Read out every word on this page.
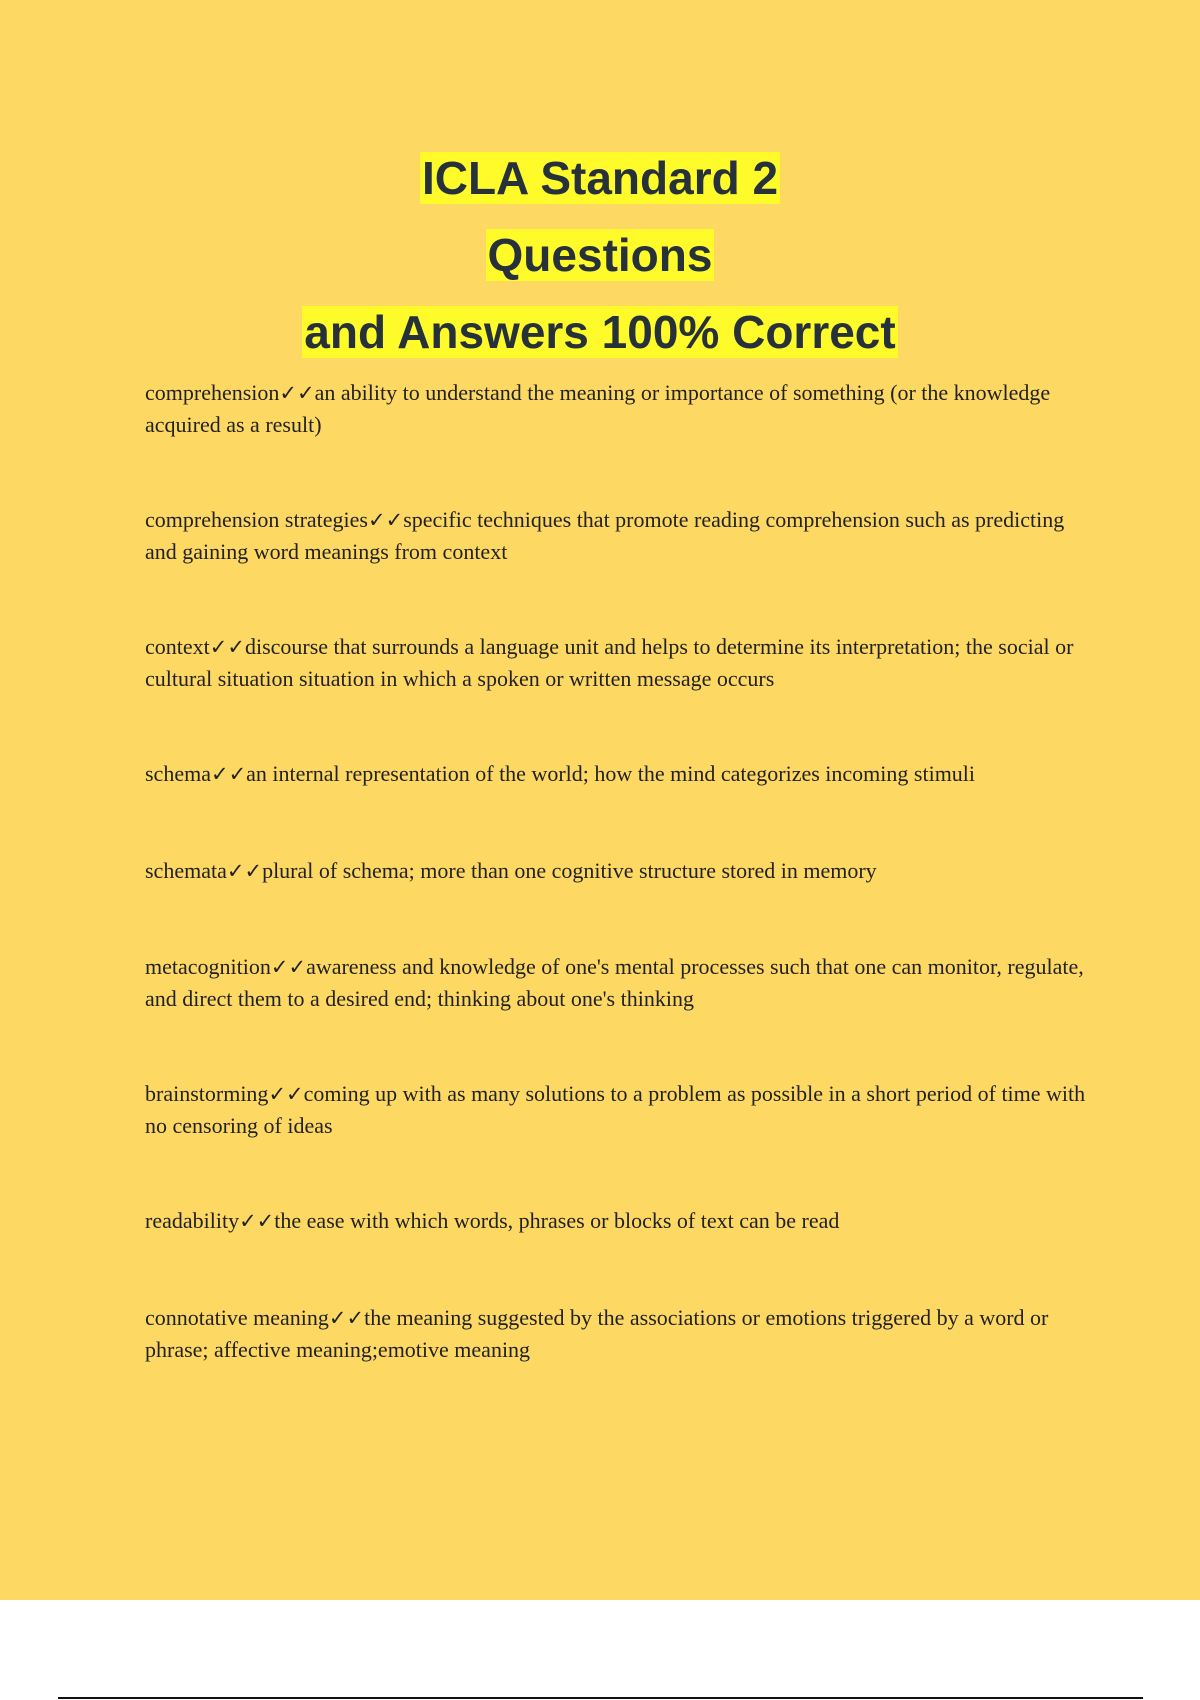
ICLA Standard 2
Questions
and Answers 100% Correct
comprehension✓✓an ability to understand the meaning or importance of something (or the knowledge acquired as a result)
comprehension strategies✓✓specific techniques that promote reading comprehension such as predicting and gaining word meanings from context
context✓✓discourse that surrounds a language unit and helps to determine its interpretation; the social or cultural situation situation in which a spoken or written message occurs
schema✓✓an internal representation of the world; how the mind categorizes incoming stimuli
schemata✓✓plural of schema; more than one cognitive structure stored in memory
metacognition✓✓awareness and knowledge of one's mental processes such that one can monitor, regulate, and direct them to a desired end; thinking about one's thinking
brainstorming✓✓coming up with as many solutions to a problem as possible in a short period of time with no censoring of ideas
readability✓✓the ease with which words, phrases or blocks of text can be read
connotative meaning✓✓the meaning suggested by the associations or emotions triggered by a word or phrase; affective meaning;emotive meaning
